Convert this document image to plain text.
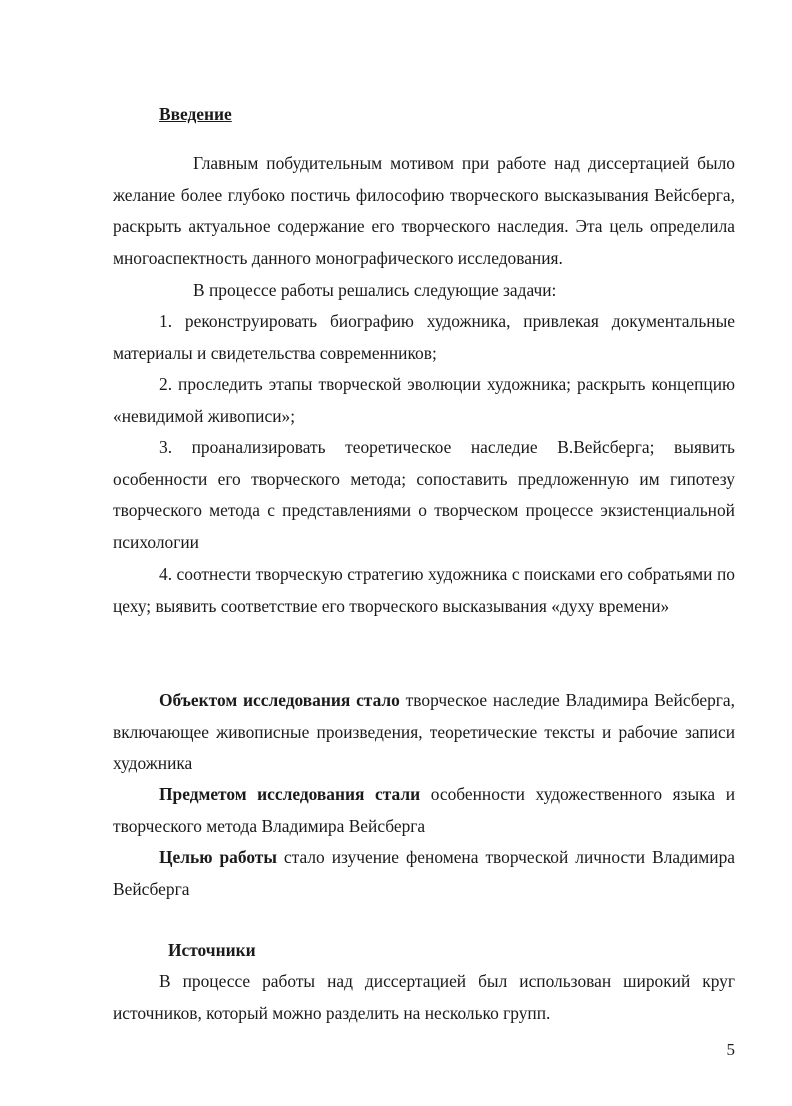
Введение

Главным побудительным мотивом при работе над диссертацией было желание более глубоко постичь философию творческого высказывания Вейсберга, раскрыть актуальное содержание его творческого наследия. Эта цель определила многоаспектность данного монографического исследования.

В процессе работы решались следующие задачи:

1. реконструировать биографию художника, привлекая документальные материалы и свидетельства современников;

2. проследить этапы творческой эволюции художника; раскрыть концепцию «невидимой живописи»;

3. проанализировать теоретическое наследие В.Вейсберга; выявить особенности его творческого метода; сопоставить предложенную им гипотезу творческого метода с представлениями о творческом процессе экзистенциальной психологии

4. соотнести творческую стратегию художника с поисками его собратьями по цеху; выявить соответствие его творческого высказывания «духу времени»

Объектом исследования стало творческое наследие Владимира Вейсберга, включающее живописные произведения, теоретические тексты и рабочие записи художника

Предметом исследования стали особенности художественного языка и творческого метода Владимира Вейсберга

Целью работы стало изучение феномена творческой личности Владимира Вейсберга

Источники

В процессе работы над диссертацией был использован широкий круг источников, который можно разделить на несколько групп.

5
